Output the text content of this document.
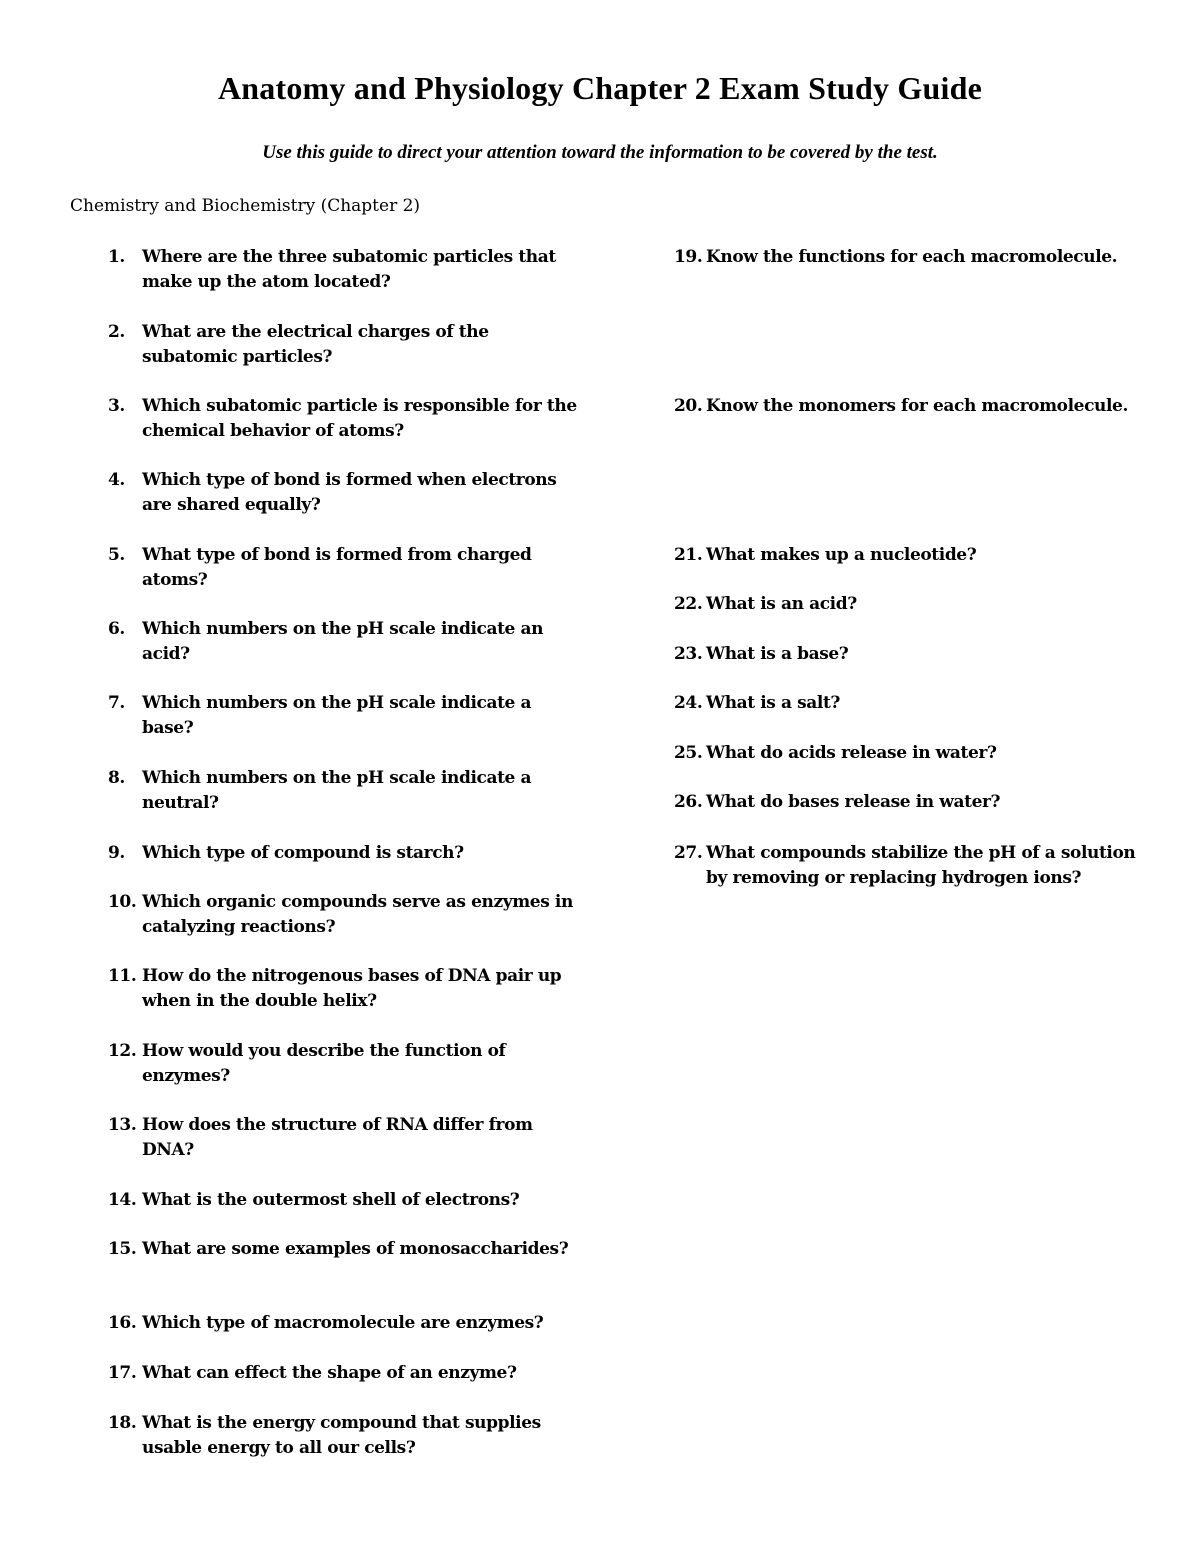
Anatomy and Physiology Chapter 2 Exam Study Guide
Use this guide to direct your attention toward the information to be covered by the test.
Chemistry and Biochemistry (Chapter 2)
1. Where are the three subatomic particles that make up the atom located?
2. What are the electrical charges of the subatomic particles?
3. Which subatomic particle is responsible for the chemical behavior of atoms?
4. Which type of bond is formed when electrons are shared equally?
5. What type of bond is formed from charged atoms?
6. Which numbers on the pH scale indicate an acid?
7. Which numbers on the pH scale indicate a base?
8. Which numbers on the pH scale indicate a neutral?
9. Which type of compound is starch?
10. Which organic compounds serve as enzymes in catalyzing reactions?
11. How do the nitrogenous bases of DNA pair up when in the double helix?
12. How would you describe the function of enzymes?
13. How does the structure of RNA differ from DNA?
14. What is the outermost shell of electrons?
15. What are some examples of monosaccharides?
16. Which type of macromolecule are enzymes?
17. What can effect the shape of an enzyme?
18. What is the energy compound that supplies usable energy to all our cells?
19. Know the functions for each macromolecule.
20. Know the monomers for each macromolecule.
21. What makes up a nucleotide?
22. What is an acid?
23. What is a base?
24. What is a salt?
25. What do acids release in water?
26. What do bases release in water?
27. What compounds stabilize the pH of a solution by removing or replacing hydrogen ions?
